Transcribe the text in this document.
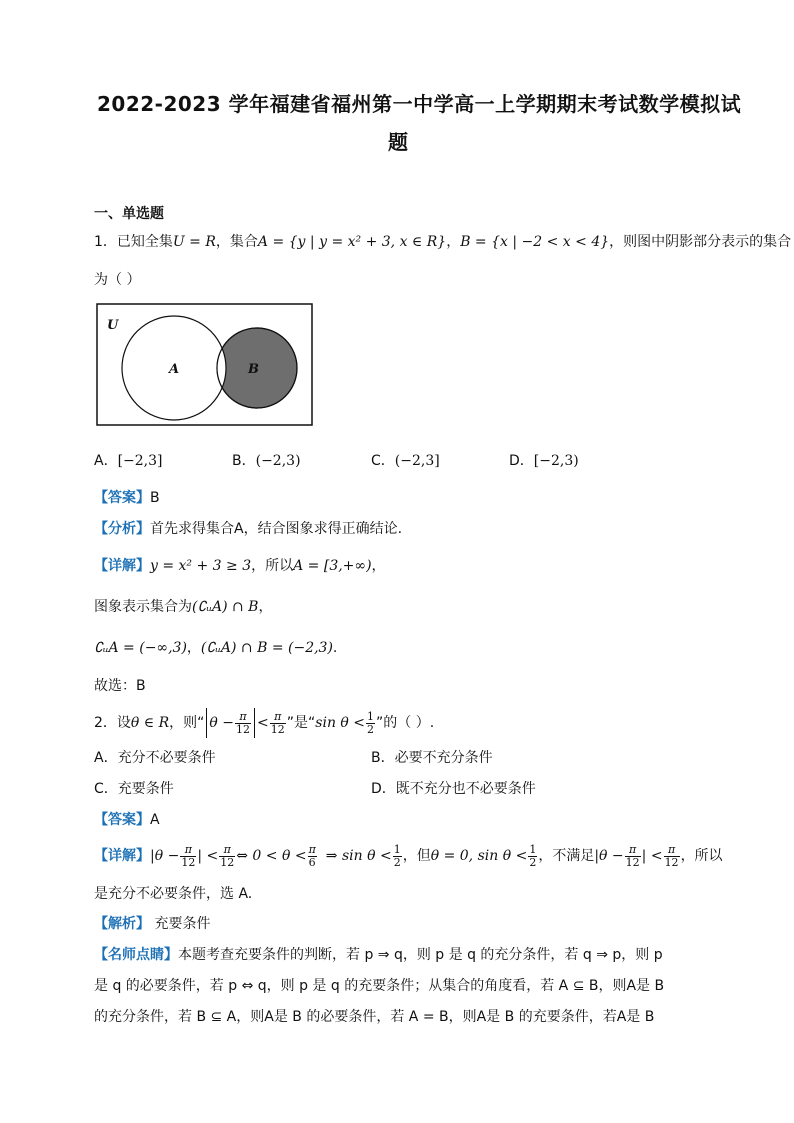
2022-2023 学年福建省福州第一中学高一上学期期末考试数学模拟试
题
一、单选题
1．已知全集U = R，集合A = {y | y = x² + 3, x ∈ R}，B = {x | −2 < x < 4}，则图中阴影部分表示的集合
为（ ）
U
A	B
A．[−2,3]	B．(−2,3)	C．(−2,3]	D．[−2,3)
【答案】B
【分析】首先求得集合A，结合图象求得正确结论.
【详解】y = x² + 3 ≥ 3，所以A = [3,+∞)，
图象表示集合为(∁ᵤA) ∩ B，
∁ᵤA = (−∞,3)，(∁ᵤA) ∩ B = (−2,3).
故选：B
2．设θ ∈ R，则“ $\theta - \frac{\pi}{12} < \frac{\pi}{12}$ ”是“sin $\theta < \frac{1}{2}$ ”的（ ）.
A．充分不必要条件	B．必要不充分条件
C．充要条件	D．既不充分也不必要条件
【答案】A
【详解】$|\theta - \frac{\pi}{12}$ | < $\frac{\pi}{12}$ ⇔ $0 < \theta < \frac{\pi}{6}$ ⇒ $\sin \theta < \frac{1}{2}$ ，但θ = 0, $\sin \theta < \frac{1}{2}$ ，不满足$|\theta - \frac{\pi}{12}$ | < $\frac{\pi}{12}$ ，所以
是充分不必要条件，选 A.
【解析】 充要条件
【名师点睛】本题考查充要条件的判断，若 p ⇒ q，则 p 是 q 的充分条件，若 q ⇒ p，则 p
是 q 的必要条件，若 p ⇔ q，则 p 是 q 的充要条件；从集合的角度看，若 A ⊆ B，则A是 B
的充分条件，若 B ⊆ A，则A是 B 的必要条件，若 A = B，则A是 B 的充要条件，若A是 B
